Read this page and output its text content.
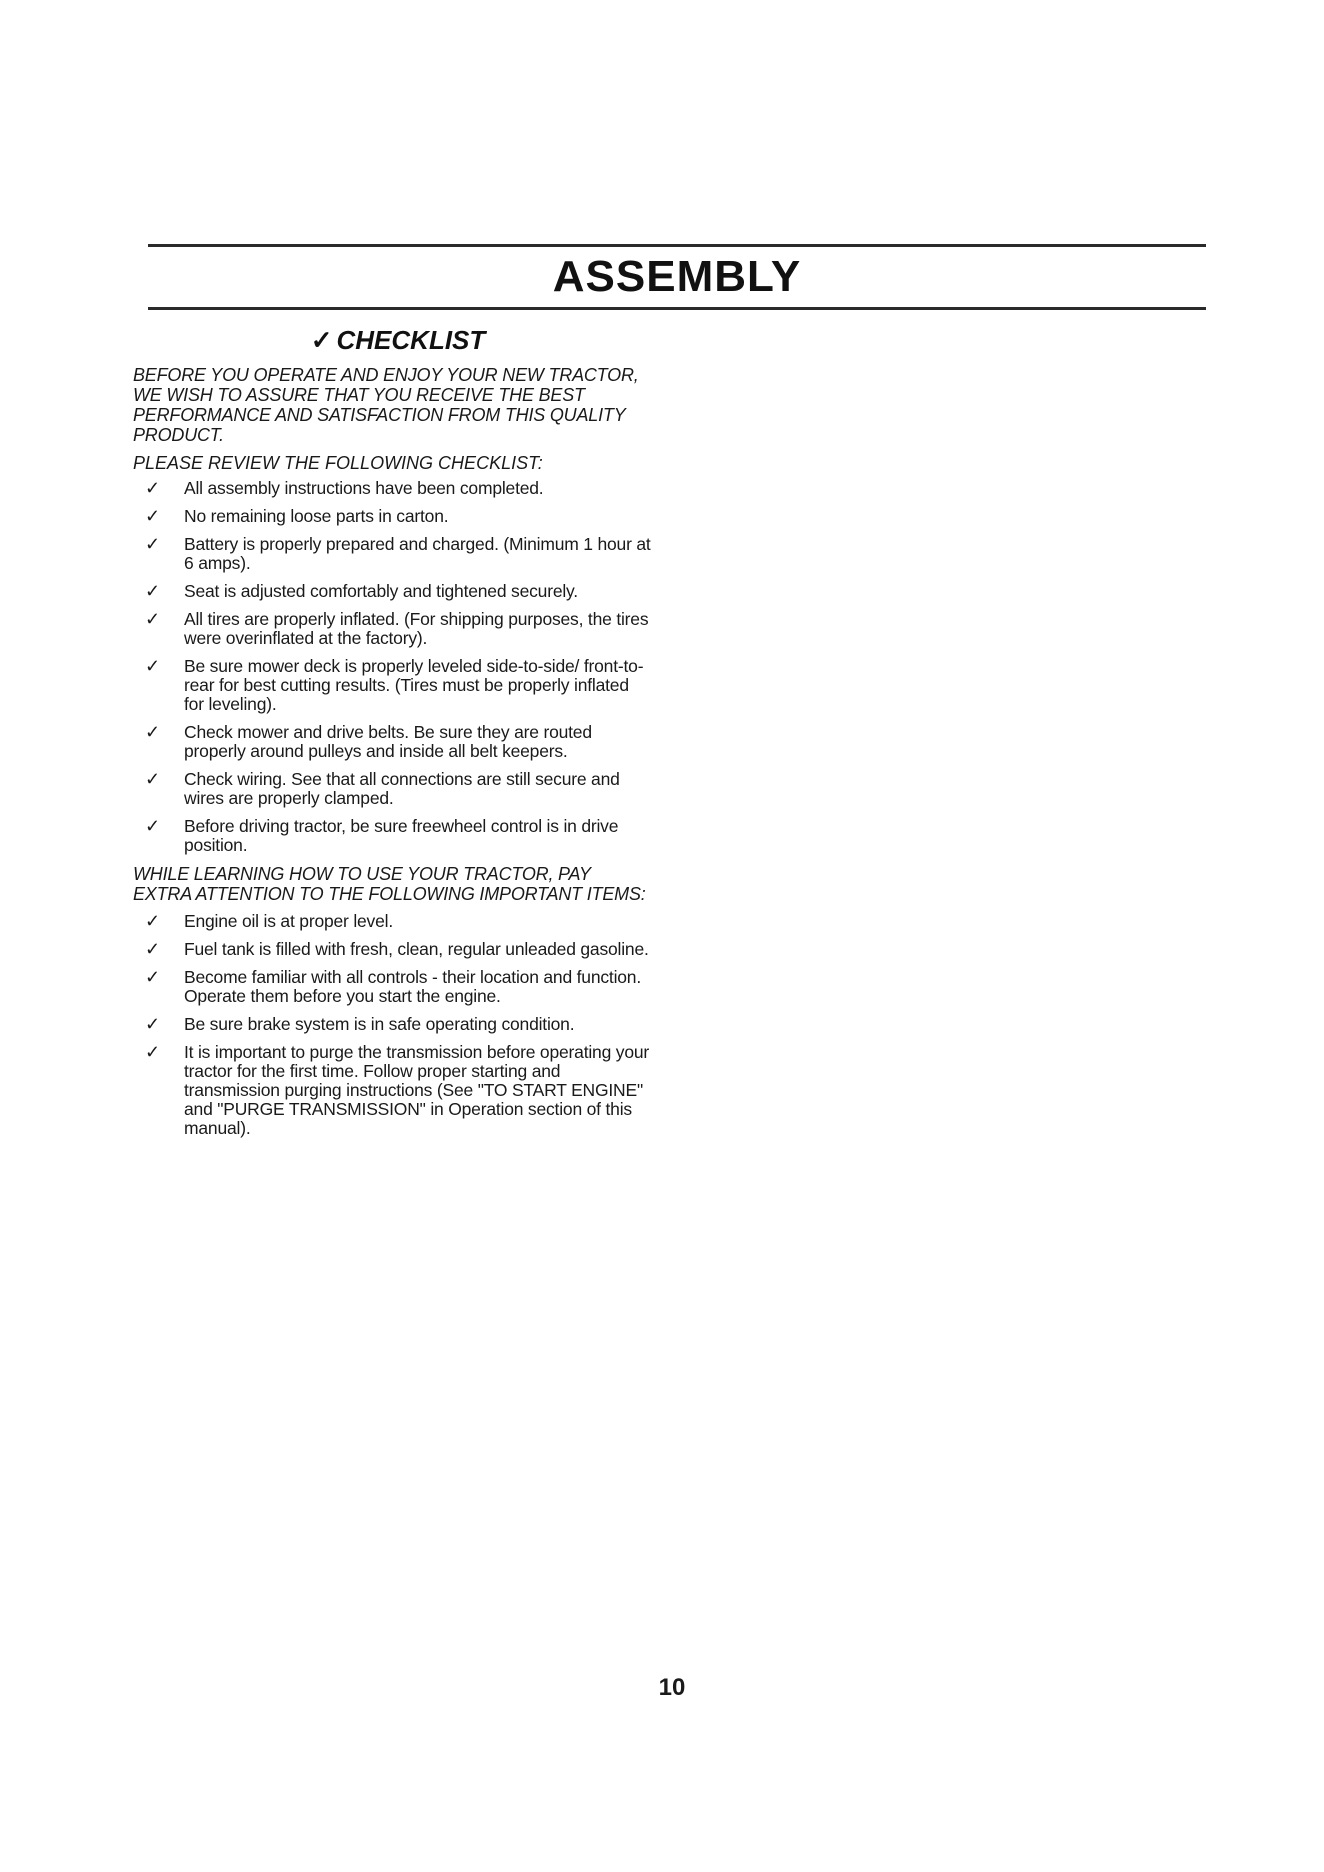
ASSEMBLY
✓ CHECKLIST

BEFORE YOU OPERATE AND ENJOY YOUR NEW TRACTOR, WE WISH TO ASSURE THAT YOU RECEIVE THE BEST PERFORMANCE AND SATISFACTION FROM THIS QUALITY PRODUCT.

PLEASE REVIEW THE FOLLOWING CHECKLIST:

✓ All assembly instructions have been completed.
✓ No remaining loose parts in carton.
✓ Battery is properly prepared and charged. (Minimum 1 hour at 6 amps).
✓ Seat is adjusted comfortably and tightened securely.
✓ All tires are properly inflated. (For shipping purposes, the tires were overinflated at the factory).
✓ Be sure mower deck is properly leveled side-to-side/ front-to-rear for best cutting results. (Tires must be properly inflated for leveling).
✓ Check mower and drive belts. Be sure they are routed properly around pulleys and inside all belt keepers.
✓ Check wiring. See that all connections are still secure and wires are properly clamped.
✓ Before driving tractor, be sure freewheel control is in drive position.

WHILE LEARNING HOW TO USE YOUR TRACTOR, PAY EXTRA ATTENTION TO THE FOLLOWING IMPORTANT ITEMS:

✓ Engine oil is at proper level.
✓ Fuel tank is filled with fresh, clean, regular unleaded gasoline.
✓ Become familiar with all controls - their location and function. Operate them before you start the engine.
✓ Be sure brake system is in safe operating condition.
✓ It is important to purge the transmission before operating your tractor for the first time. Follow proper starting and transmission purging instructions (See "TO START ENGINE" and "PURGE TRANSMISSION" in Operation section of this manual).
10
